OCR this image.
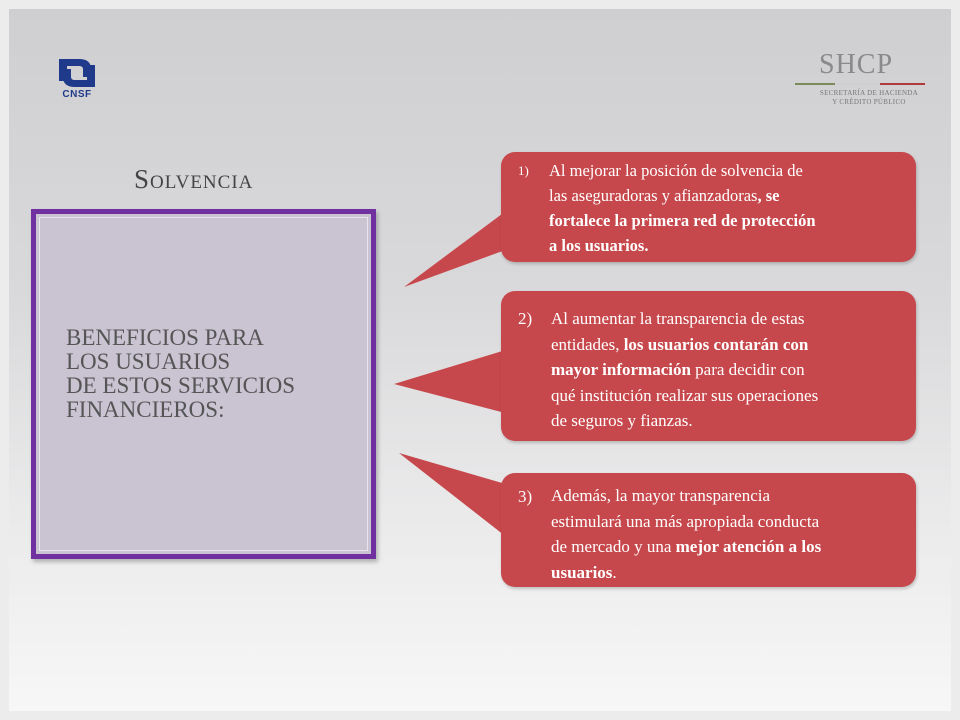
CNSF
SHCP
SECRETARÍA DE HACIENDA
Y CRÉDITO PÚBLICO
Solvencia
BENEFICIOS PARA
LOS USUARIOS
DE ESTOS SERVICIOS
FINANCIEROS:
1) Al mejorar la posición de solvencia de
las aseguradoras y afianzadoras, se
fortalece la primera red de protección
a los usuarios.
2) Al aumentar la transparencia de estas
entidades, los usuarios contarán con
mayor información para decidir con
qué institución realizar sus operaciones
de seguros y fianzas.
3) Además, la mayor transparencia
estimulará una más apropiada conducta
de mercado y una mejor atención a los
usuarios.
